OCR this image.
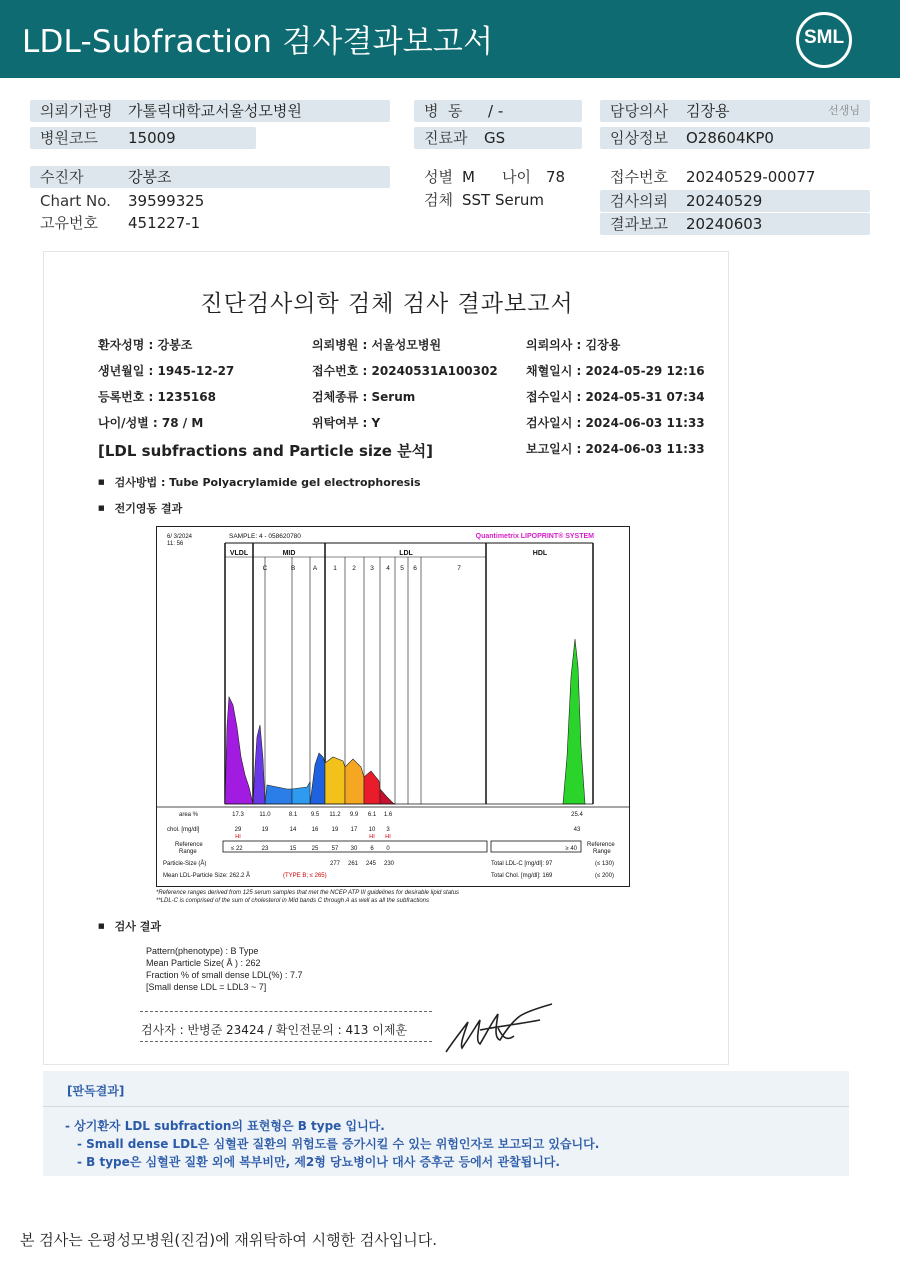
LDL-Subfraction 검사결과보고서	SML
의뢰기관명 가톨릭대학교서울성모병원
병원코드 15009
병  동 / -
진료과 GS
담당의사 김장용	선생님
임상정보 O28604KP0
수진자	강봉조
Chart No. 39599325
고유번호 451227-1
성별 M 나이 78
검체 SST Serum
접수번호 20240529-00077
검사의뢰 20240529
결과보고 20240603
진단검사의학 검체 검사 결과보고서
환자성명 : 강봉조
생년월일 : 1945-12-27
등록번호 : 1235168
나이/성별 : 78 / M
의뢰병원 : 서울성모병원
접수번호 : 20240531A100302
검체종류 : Serum
위탁여부 : Y
의뢰의사 : 김장용
채혈일시 : 2024-05-29 12:16
접수일시 : 2024-05-31 07:34
검사일시 : 2024-06-03 11:33
보고일시 : 2024-06-03 11:33
[LDL subfractions and Particle size 분석]
■ 검사방법 : Tube Polyacrylamide gel electrophoresis
■ 전기영동 결과
6/ 3/2024
11: 56
SAMPLE: 4 - 058620780	Quantimetrix LIPOPRINT® SYSTEM
VLDL	MID	LDL	HDL
C	B	A 1 2 3 4 5 6	7
area %	17.3	11.0	8.1 9.5 11.2 9.9 6.1 1.6	25.4
chol. [mg/dl]	29	19	14	16 19 17 10 3	43
HI	HI HI
Reference
Range	≤ 22	23	15	25 57 30 6 0	≥ 40
Reference
Range
Particle-Size (Å)	277 261 245 230	Total LDL-C [mg/dl]: 97	(≤ 130)
Mean LDL-Particle Size: 262.2 Å	(TYPE B; ≤ 265)	Total Chol. [mg/dl]: 169	(≤ 200)
*Reference ranges derived from 125 serum samples that met the NCEP ATP III guidelines for desirable lipid status
**LDL-C is comprised of the sum of cholesterol in Mid bands C through A as well as all the subfractions
■ 검사 결과
Pattern(phenotype) : B Type
Mean Particle Size( Å ) : 262
Fraction % of small dense LDL(%) : 7.7
[Small dense LDL = LDL3 ~ 7]
검사자 : 반병준 23424 / 확인전문의 : 413 이제훈
[판독결과]
- 상기환자 LDL subfraction의 표현형은 B type 입니다.
- Small dense LDL은 심혈관 질환의 위험도를 증가시킬 수 있는 위험인자로 보고되고 있습니다.
- B type은 심혈관 질환 외에 복부비만, 제2형 당뇨병이나 대사 증후군 등에서 관찰됩니다.
본 검사는 은평성모병원(진검)에 재위탁하여 시행한 검사입니다.
